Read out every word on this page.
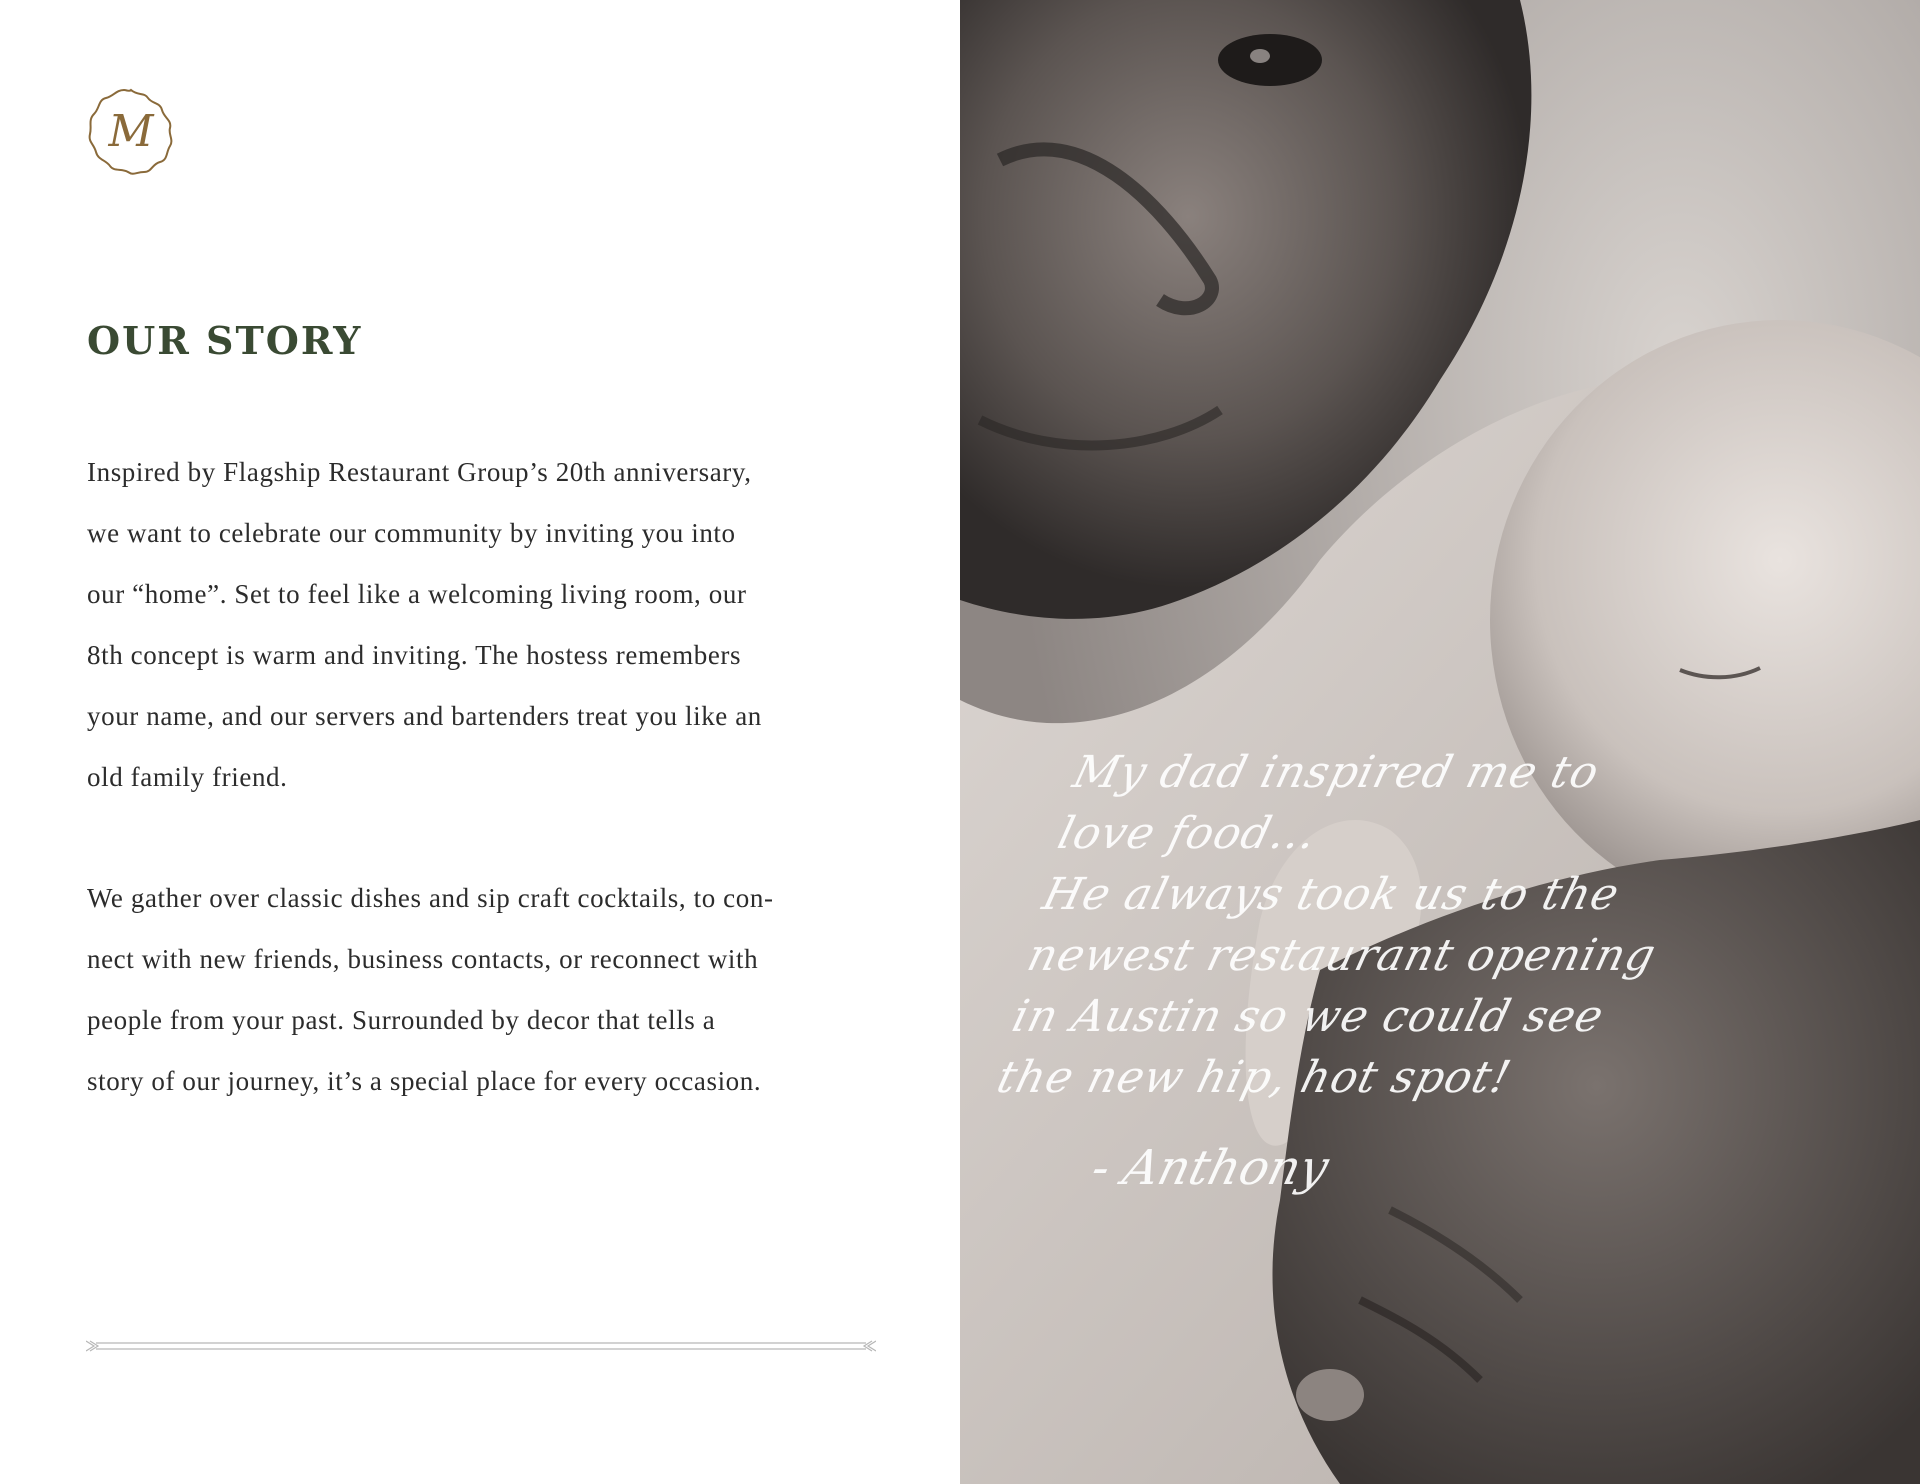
M
OUR STORY

Inspired by Flagship Restaurant Group’s 20th anniversary,
we want to celebrate our community by inviting you into
our “home”. Set to feel like a welcoming living room, our
8th concept is warm and inviting. The hostess remembers
your name, and our servers and bartenders treat you like an
old family friend.

We gather over classic dishes and sip craft cocktails, to con-
nect with new friends, business contacts, or reconnect with
people from your past. Surrounded by decor that tells a
story of our journey, it’s a special place for every occasion.

My dad inspired me to
love food...
He always took us to the
newest restaurant opening
in Austin so we could see
the new hip, hot spot!
- Anthony
